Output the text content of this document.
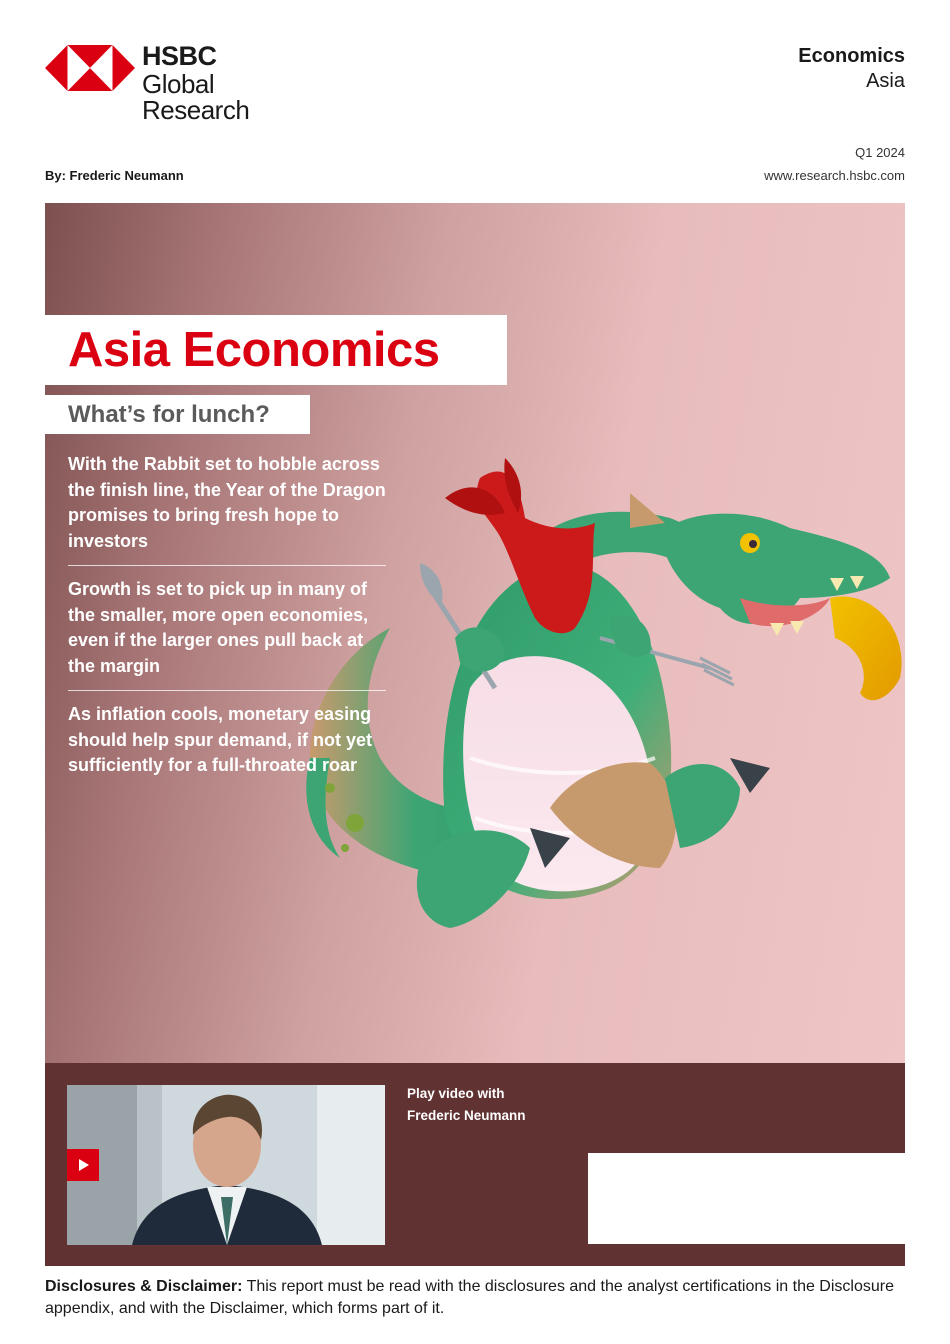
HSBC
Global Research
Economics
Asia
Q1 2024
By: Frederic Neumann	www.research.hsbc.com
Asia Economics
What’s for lunch?
With the Rabbit set to hobble across the finish line, the Year of the Dragon promises to bring fresh hope to investors
Growth is set to pick up in many of the smaller, more open economies, even if the larger ones pull back at the margin
As inflation cools, monetary easing should help spur demand, if not yet sufficiently for a full-throated roar
Play video with
Frederic Neumann
Disclosures & Disclaimer: This report must be read with the disclosures and the analyst certifications in the Disclosure appendix, and with the Disclaimer, which forms part of it.
